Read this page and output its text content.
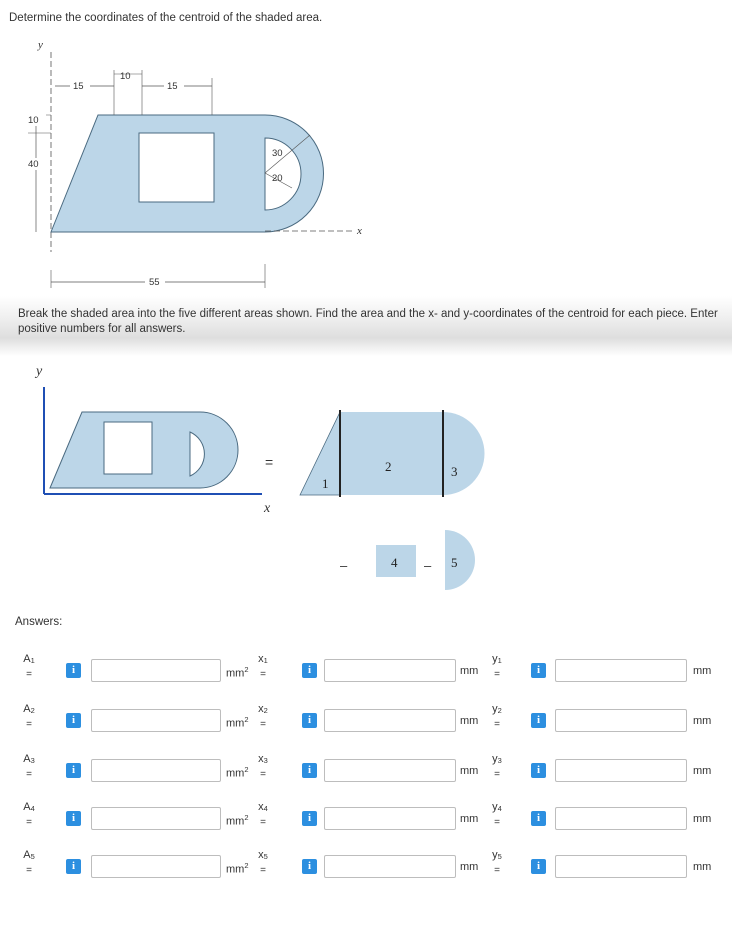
Determine the coordinates of the centroid of the shaded area.
y
x
15
10
15
10
40
30
20
55
Break the shaded area into the five different areas shown. Find the area and the x- and y-coordinates of the centroid for each piece. Enter positive numbers for all answers.
y
x
=
1
2	3
–	4 – 5
Answers:
$A_1$
=	i	$mm^2$
$x_1$
=	i	mm
$y_1$
=	i	mm
$A_2$
=	i	$mm^2$
$x_2$
=	i	mm
$y_2$
=	i	mm
$A_3$
=	i	$mm^2$
$x_3$
=	i	mm
$y_3$
=	i	mm
$A_4$
=	i	$mm^2$
$x_4$
=	i	mm
$y_4$
=	i	mm
$A_5$
=	i	$mm^2$
$x_5$
=	i	mm
$y_5$
=	i	mm
